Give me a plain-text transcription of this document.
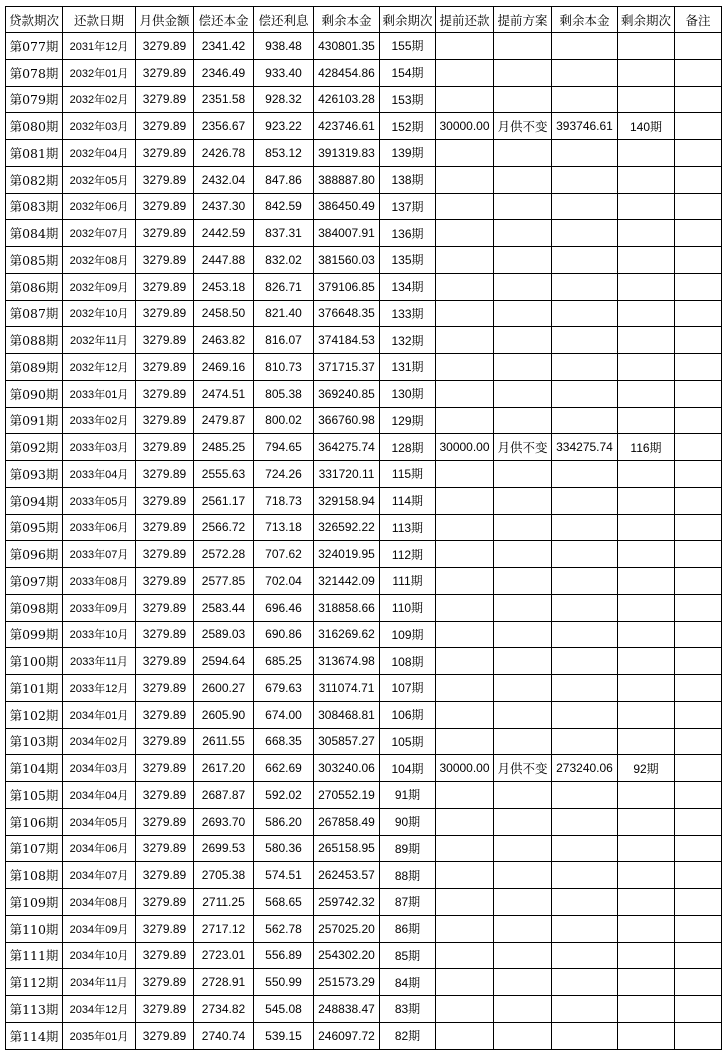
贷款期次	还款日期	月供金额	偿还本金	偿还利息	剩余本金	剩余期次	提前还款	提前方案	剩余本金	剩余期次	备注
第077期	2031年12月	3279.89	2341.42	938.48	430801.35	155期					
第078期	2032年01月	3279.89	2346.49	933.40	428454.86	154期					
第079期	2032年02月	3279.89	2351.58	928.32	426103.28	153期					
第080期	2032年03月	3279.89	2356.67	923.22	423746.61	152期	30000.00	月供不变	393746.61	140期	
第081期	2032年04月	3279.89	2426.78	853.12	391319.83	139期					
第082期	2032年05月	3279.89	2432.04	847.86	388887.80	138期					
第083期	2032年06月	3279.89	2437.30	842.59	386450.49	137期					
第084期	2032年07月	3279.89	2442.59	837.31	384007.91	136期					
第085期	2032年08月	3279.89	2447.88	832.02	381560.03	135期					
第086期	2032年09月	3279.89	2453.18	826.71	379106.85	134期					
第087期	2032年10月	3279.89	2458.50	821.40	376648.35	133期					
第088期	2032年11月	3279.89	2463.82	816.07	374184.53	132期					
第089期	2032年12月	3279.89	2469.16	810.73	371715.37	131期					
第090期	2033年01月	3279.89	2474.51	805.38	369240.85	130期					
第091期	2033年02月	3279.89	2479.87	800.02	366760.98	129期					
第092期	2033年03月	3279.89	2485.25	794.65	364275.74	128期	30000.00	月供不变	334275.74	116期	
第093期	2033年04月	3279.89	2555.63	724.26	331720.11	115期					
第094期	2033年05月	3279.89	2561.17	718.73	329158.94	114期					
第095期	2033年06月	3279.89	2566.72	713.18	326592.22	113期					
第096期	2033年07月	3279.89	2572.28	707.62	324019.95	112期					
第097期	2033年08月	3279.89	2577.85	702.04	321442.09	111期					
第098期	2033年09月	3279.89	2583.44	696.46	318858.66	110期					
第099期	2033年10月	3279.89	2589.03	690.86	316269.62	109期					
第100期	2033年11月	3279.89	2594.64	685.25	313674.98	108期					
第101期	2033年12月	3279.89	2600.27	679.63	311074.71	107期					
第102期	2034年01月	3279.89	2605.90	674.00	308468.81	106期					
第103期	2034年02月	3279.89	2611.55	668.35	305857.27	105期					
第104期	2034年03月	3279.89	2617.20	662.69	303240.06	104期	30000.00	月供不变	273240.06	92期	
第105期	2034年04月	3279.89	2687.87	592.02	270552.19	91期					
第106期	2034年05月	3279.89	2693.70	586.20	267858.49	90期					
第107期	2034年06月	3279.89	2699.53	580.36	265158.95	89期					
第108期	2034年07月	3279.89	2705.38	574.51	262453.57	88期					
第109期	2034年08月	3279.89	2711.25	568.65	259742.32	87期					
第110期	2034年09月	3279.89	2717.12	562.78	257025.20	86期					
第111期	2034年10月	3279.89	2723.01	556.89	254302.20	85期					
第112期	2034年11月	3279.89	2728.91	550.99	251573.29	84期					
第113期	2034年12月	3279.89	2734.82	545.08	248838.47	83期					
第114期	2035年01月	3279.89	2740.74	539.15	246097.72	82期					
